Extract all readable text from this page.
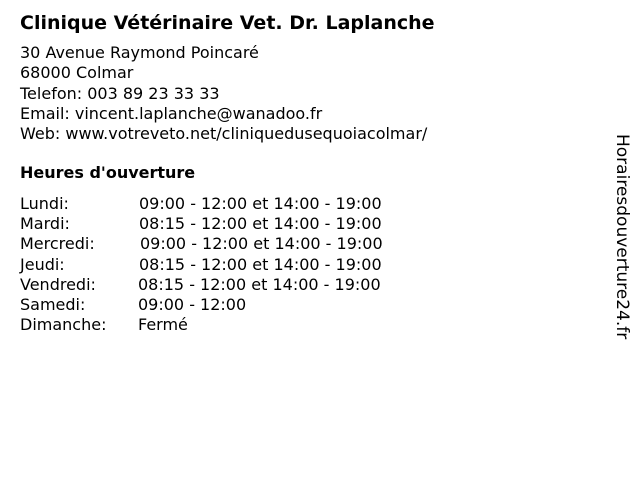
Clinique Vétérinaire Vet. Dr. Laplanche
30 Avenue Raymond Poincaré
68000 Colmar
Telefon: 003 89 23 33 33
Email: vincent.laplanche@wanadoo.fr
Web: www.votreveto.net/cliniquedusequoiacolmar/
Heures d'ouverture
Lundi:	09:00 - 12:00 et 14:00 - 19:00
Mardi:	08:15 - 12:00 et 14:00 - 19:00
Mercredi:	09:00 - 12:00 et 14:00 - 19:00
Jeudi:	08:15 - 12:00 et 14:00 - 19:00
Vendredi:	08:15 - 12:00 et 14:00 - 19:00
Samedi:	09:00 - 12:00
Dimanche: Fermé	Horairesdouverture24.fr
